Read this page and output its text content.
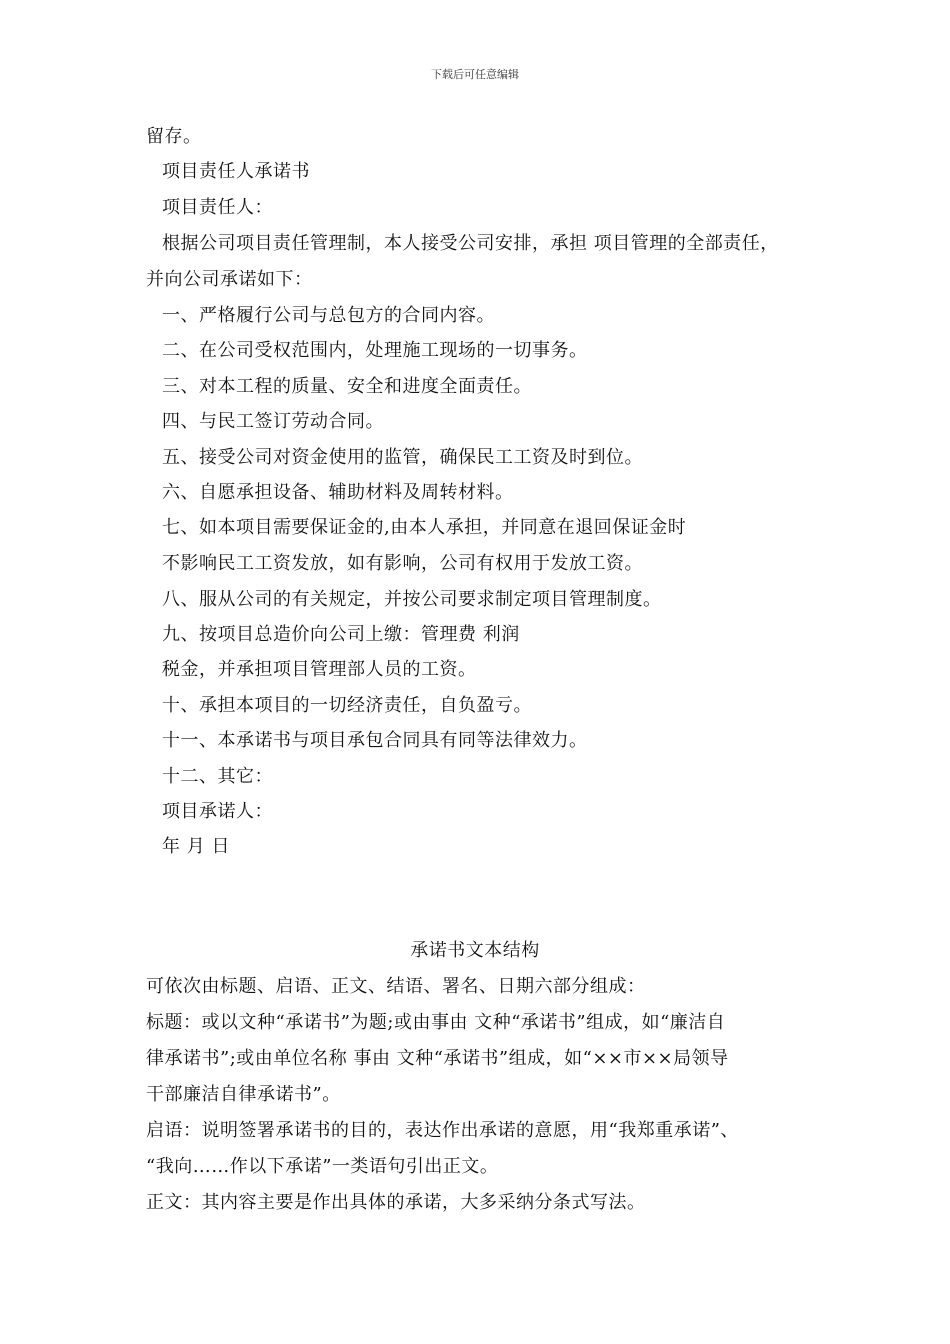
下载后可任意编辑
留存。
项目责任人承诺书
项目责任人：
根据公司项目责任管理制，本人接受公司安排，承担 项目管理的全部责任，
并向公司承诺如下：
一、严格履行公司与总包方的合同内容。
二、在公司受权范围内，处理施工现场的一切事务。
三、对本工程的质量、安全和进度全面责任。
四、与民工签订劳动合同。
五、接受公司对资金使用的监管，确保民工工资及时到位。
六、自愿承担设备、辅助材料及周转材料。
七、如本项目需要保证金的,由本人承担，并同意在退回保证金时
不影响民工工资发放，如有影响，公司有权用于发放工资。
八、服从公司的有关规定，并按公司要求制定项目管理制度。
九、按项目总造价向公司上缴：管理费 利润
税金，并承担项目管理部人员的工资。
十、承担本项目的一切经济责任，自负盈亏。
十一、本承诺书与项目承包合同具有同等法律效力。
十二、其它：
项目承诺人：
年 月 日
承诺书文本结构
可依次由标题、启语、正文、结语、署名、日期六部分组成：
标题：或以文种“承诺书”为题;或由事由 文种“承诺书”组成，如“廉洁自
律承诺书”;或由单位名称 事由 文种“承诺书”组成，如“××市××局领导
干部廉洁自律承诺书”。
启语：说明签署承诺书的目的，表达作出承诺的意愿，用“我郑重承诺”、
“我向……作以下承诺”一类语句引出正文。
正文：其内容主要是作出具体的承诺，大多采纳分条式写法。
